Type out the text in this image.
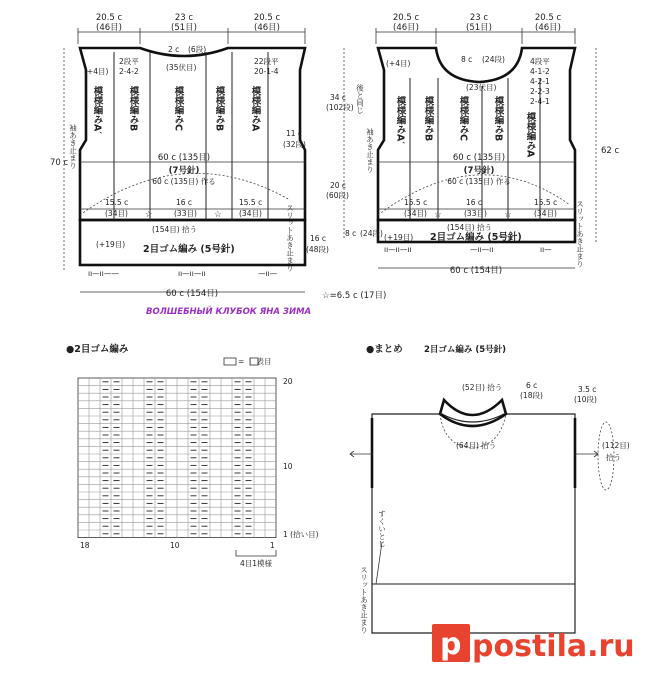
20.5 c
(46目)
23 c
(51目)
20.5 c
(46目)
2 c (6段)
(35伏目)
2段平
2-4-2
22段平
20-1-4
(+4目)
模様編みA′	模様編みB	模様編みC	模様編みB	模様編みA
袖あき止まり	11 c
(32段)
60 c (135目)
(7号針)
60 c (135目) 作る
15.5 c
(34目) ☆
16 c
(33目) ☆
15.5 c
(34目)
(154目) 拾う
(+19目) 2目ゴム編み (5号針)	スリットあき止まり
70 c
16 c
(48段)
ıı—ıı——	ıı—ıı—ıı	—ıı—
60 c (154目)
20.5 c
(46目)
23 c
(51目)
20.5 c
(46目)
8 c (24段)
(23伏目)
(+4目)
後と同じ
4段平
4-1-2
4-2-1
2-2-3
2-4-1
模様編みA′ 模様編みB	模様編みC	模様編みB 模様編みA
袖あき止まり
34 c
(102段)
20 c
(60段)
8 c (24段)
62 c
60 c (135目)
(7号針)
60 c (135目) 作る
15.5 c
(34目) ☆
16 c
(33目) ☆
15.5 c
(34目)
(154目) 拾う
(+19目) 2目ゴム編み (5号針)	スリットあき止まり
ıı—ıı—ıı	—ıı—ıı	ıı—
60 c (154目)
☆=6.5 c (17目)
ВОЛШЕБНЫЙ КЛУБОК ЯНА ЗИМА
●2目ゴム編み
= ｜ 表目
20
10
1 (拾い目)
18	10	1
4目1模様
●まとめ 2目ゴム編み (5号針)
(52目) 拾う	6 c
(18段)
3.5 c
(10段)
(64目) 拾う	(112目)
拾う
すくいとじ
スリットあき止まり
p postila.ru
